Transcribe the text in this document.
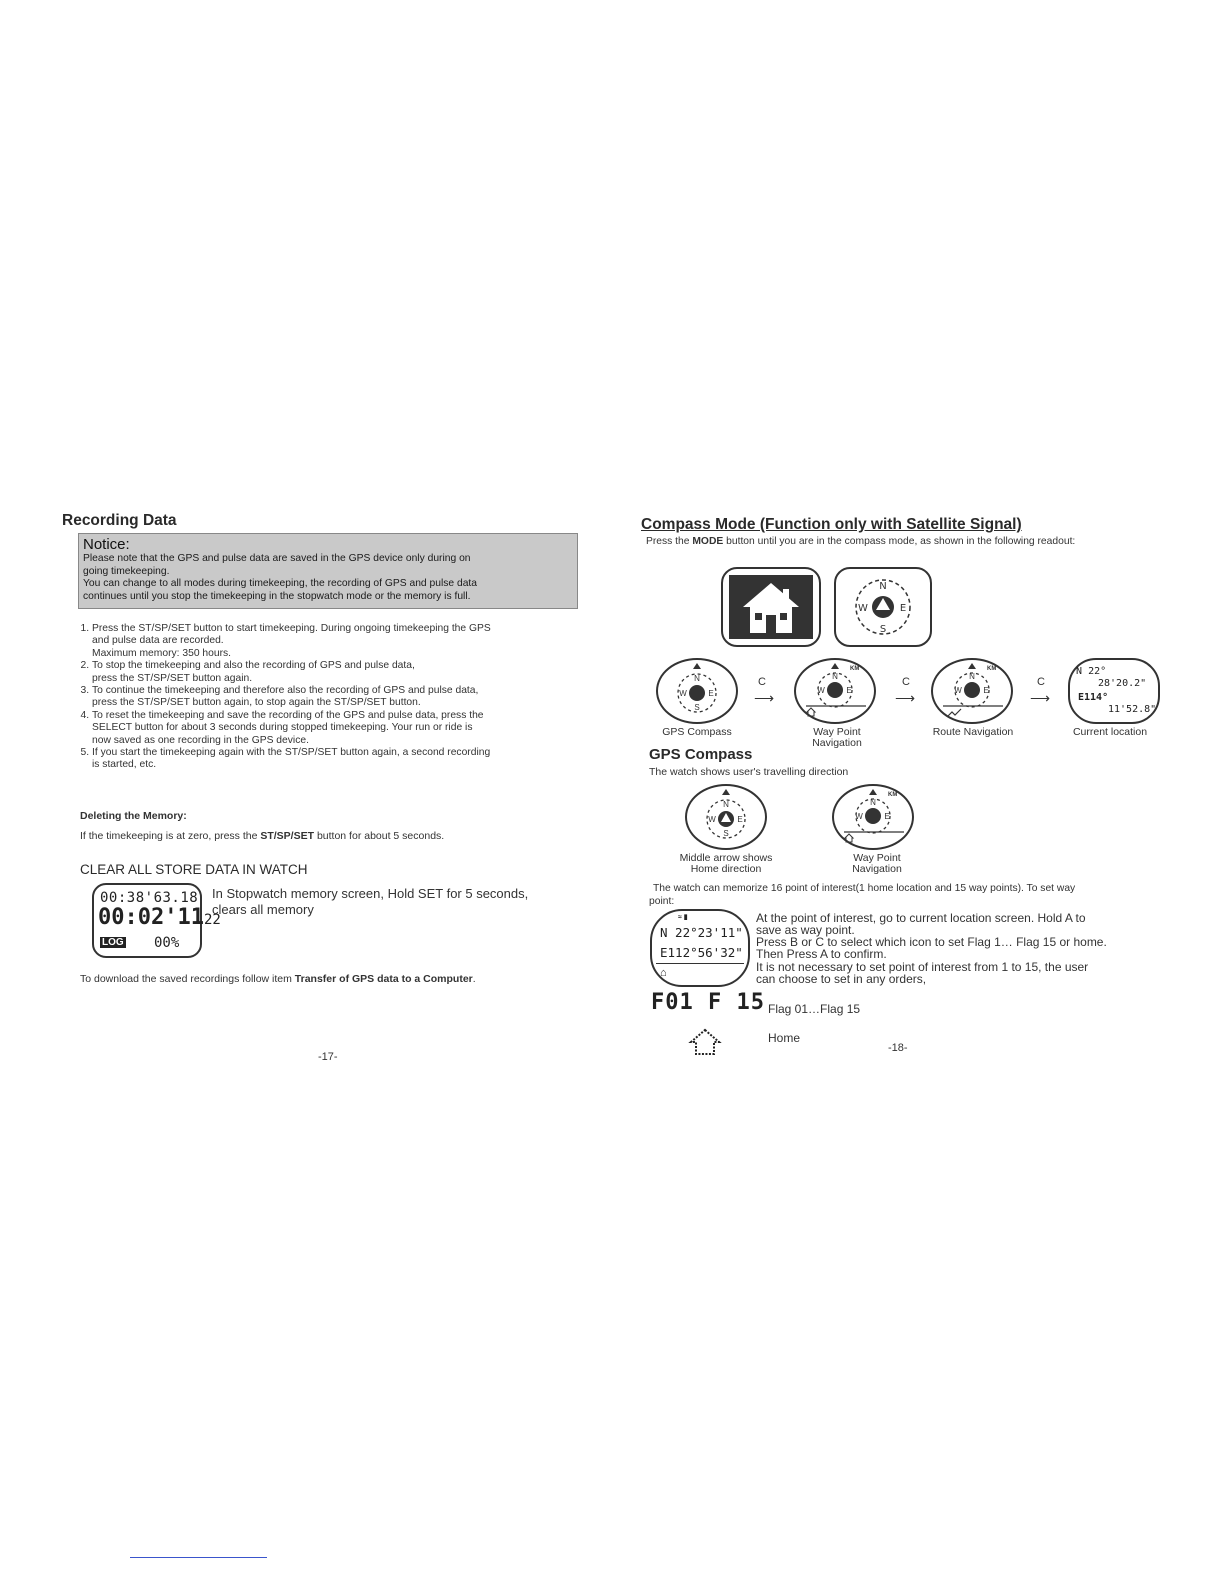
Recording Data
Notice:
Please note that the GPS and pulse data are saved in the GPS device only during on
going timekeeping.
You can change to all modes during timekeeping, the recording of GPS and pulse data
continues until you stop the timekeeping in the stopwatch mode or the memory is full.
1. Press the ST/SP/SET button to start timekeeping. During ongoing timekeeping the GPS
and pulse data are recorded.
Maximum memory: 350 hours.
2. To stop the timekeeping and also the recording of GPS and pulse data,
press the ST/SP/SET button again.
3. To continue the timekeeping and therefore also the recording of GPS and pulse data,
press the ST/SP/SET button again, to stop again the ST/SP/SET button.
4. To reset the timekeeping and save the recording of the GPS and pulse data, press the
SELECT button for about 3 seconds during stopped timekeeping. Your run or ride is
now saved as one recording in the GPS device.
5. If you start the timekeeping again with the ST/SP/SET button again, a second recording
is started, etc.
Deleting the Memory:
If the timekeeping is at zero, press the ST/SP/SET button for about 5 seconds.
CLEAR ALL STORE DATA IN WATCH
00:38'63.18
00:02'1122
LOG 00%
In Stopwatch memory screen, Hold SET for 5 seconds,
clears all memory
To download the saved recordings follow item Transfer of GPS data to a Computer.
-17-
Compass Mode (Function only with Satellite Signal)
Press the MODE button until you are in the compass mode, as shown in the following readout:
N
S
W	E
N
S
W	E
C
⟶
KM
N
W	E
C
⟶
KM
N
W	E
C
⟶
N 22°
28'20.2"
E114°
11'52.8"
GPS Compass	Way Point
Navigation
Route Navigation	Current location
GPS Compass
The watch shows user's travelling direction
N
S
W	E
KM
N
W	E
Middle arrow shows
Home direction
Way Point
Navigation
The watch can memorize 16 point of interest(1 home location and 15 way points). To set way
point:
≈ ▮
N 22°23'11"
E112°56'32"
⌂
At the point of interest, go to current location screen. Hold A to
save as way point.
Press B or C to select which icon to set Flag 1… Flag 15 or home.
Then Press A to confirm.
It is not necessary to set point of interest from 1 to 15, the user
can choose to set in any orders,
F01 F 15 Flag 01…Flag 15
Home
-18-
